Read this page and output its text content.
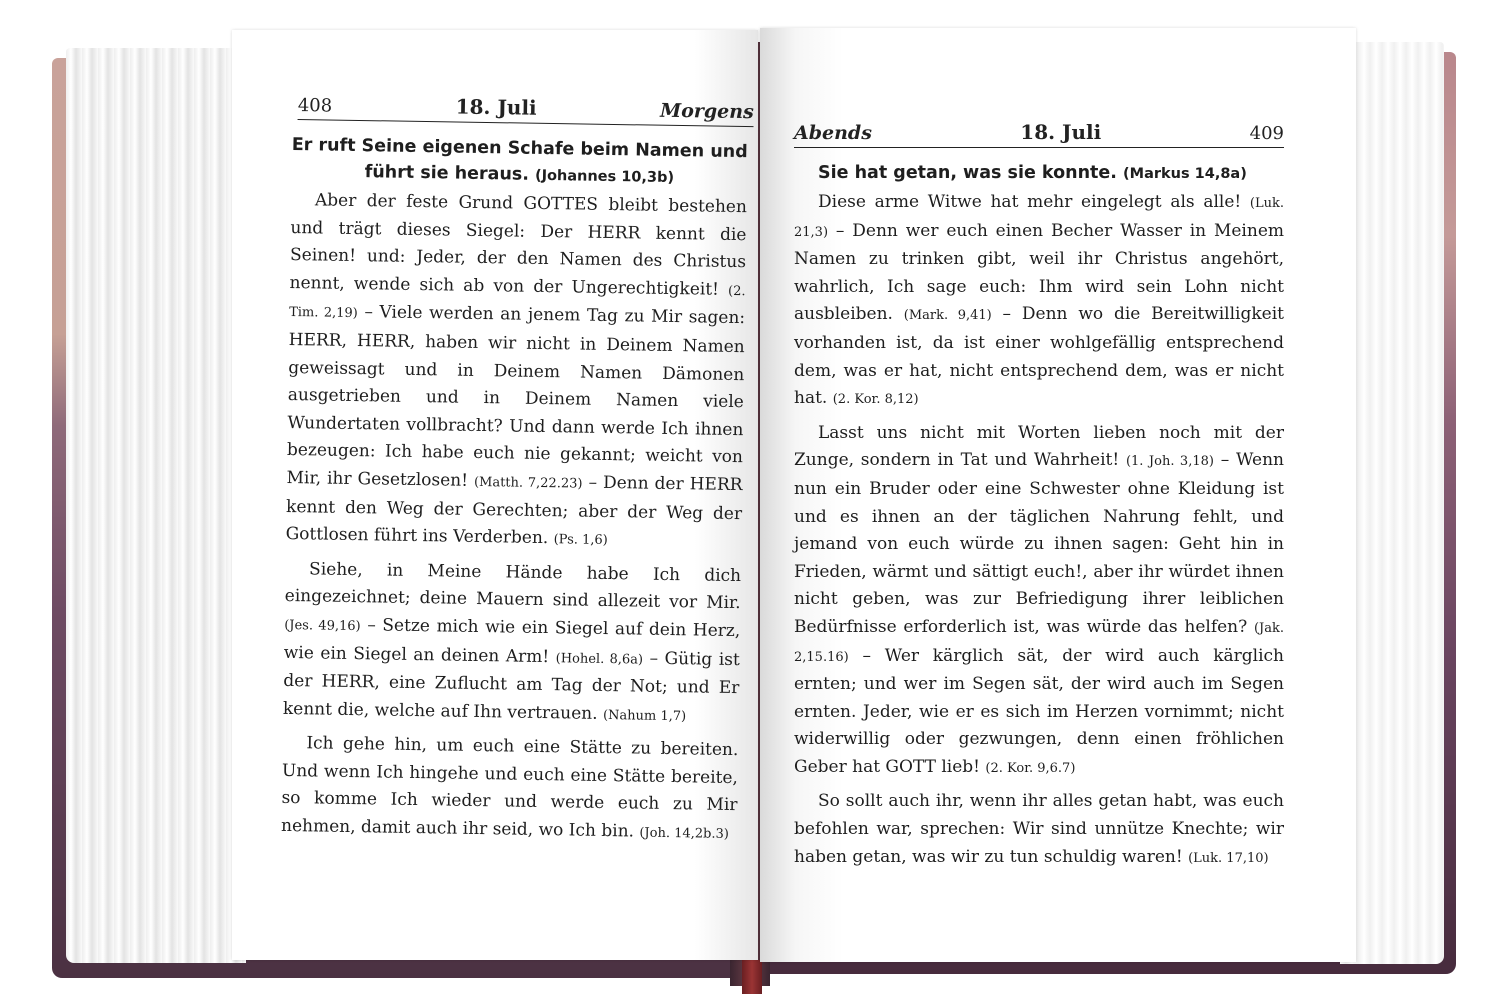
408	18. Juli	Morgens

Er ruft Seine eigenen Schafe beim Namen und führt sie heraus. (Johannes 10,3b)

Aber der feste Grund GOTTES bleibt bestehen und trägt dieses Siegel: Der HERR kennt die Seinen! und: Jeder, der den Namen des Christus nennt, wende sich ab von der Ungerechtigkeit! (2. Tim. 2,19) – Viele werden an jenem Tag zu Mir sagen: HERR, HERR, haben wir nicht in Deinem Namen geweissagt und in Deinem Namen Dämonen ausgetrieben und in Deinem Namen viele Wundertaten vollbracht? Und dann werde Ich ihnen bezeugen: Ich habe euch nie gekannt; weicht von Mir, ihr Gesetzlosen! (Matth. 7,22.23) – Denn der HERR kennt den Weg der Gerechten; aber der Weg der Gottlosen führt ins Verderben. (Ps. 1,6)

Siehe, in Meine Hände habe Ich dich eingezeichnet; deine Mauern sind allezeit vor Mir. (Jes. 49,16) – Setze mich wie ein Siegel auf dein Herz, wie ein Siegel an deinen Arm! (Hohel. 8,6a) – Gütig ist der HERR, eine Zuflucht am Tag der Not; und Er kennt die, welche auf Ihn vertrauen. (Nahum 1,7)

Ich gehe hin, um euch eine Stätte zu bereiten. Und wenn Ich hingehe und euch eine Stätte bereite, so komme Ich wieder und werde euch zu Mir nehmen, damit auch ihr seid, wo Ich bin. (Joh. 14,2b.3)

Abends	18. Juli	409

Sie hat getan, was sie konnte. (Markus 14,8a)

Diese arme Witwe hat mehr eingelegt als alle! (Luk. 21,3) – Denn wer euch einen Becher Wasser in Meinem Namen zu trinken gibt, weil ihr Christus angehört, wahrlich, Ich sage euch: Ihm wird sein Lohn nicht ausbleiben. (Mark. 9,41) – Denn wo die Bereitwilligkeit vorhanden ist, da ist einer wohlgefällig entsprechend dem, was er hat, nicht entsprechend dem, was er nicht hat. (2. Kor. 8,12)

Lasst uns nicht mit Worten lieben noch mit der Zunge, sondern in Tat und Wahrheit! (1. Joh. 3,18) – Wenn nun ein Bruder oder eine Schwester ohne Kleidung ist und es ihnen an der täglichen Nahrung fehlt, und jemand von euch würde zu ihnen sagen: Geht hin in Frieden, wärmt und sättigt euch!, aber ihr würdet ihnen nicht geben, was zur Befriedigung ihrer leiblichen Bedürfnisse erforderlich ist, was würde das helfen? (Jak. 2,15.16) – Wer kärglich sät, der wird auch kärglich ernten; und wer im Segen sät, der wird auch im Segen ernten. Jeder, wie er es sich im Herzen vornimmt; nicht widerwillig oder gezwungen, denn einen fröhlichen Geber hat GOTT lieb! (2. Kor. 9,6.7)

So sollt auch ihr, wenn ihr alles getan habt, was euch befohlen war, sprechen: Wir sind unnütze Knechte; wir haben getan, was wir zu tun schuldig waren! (Luk. 17,10)
